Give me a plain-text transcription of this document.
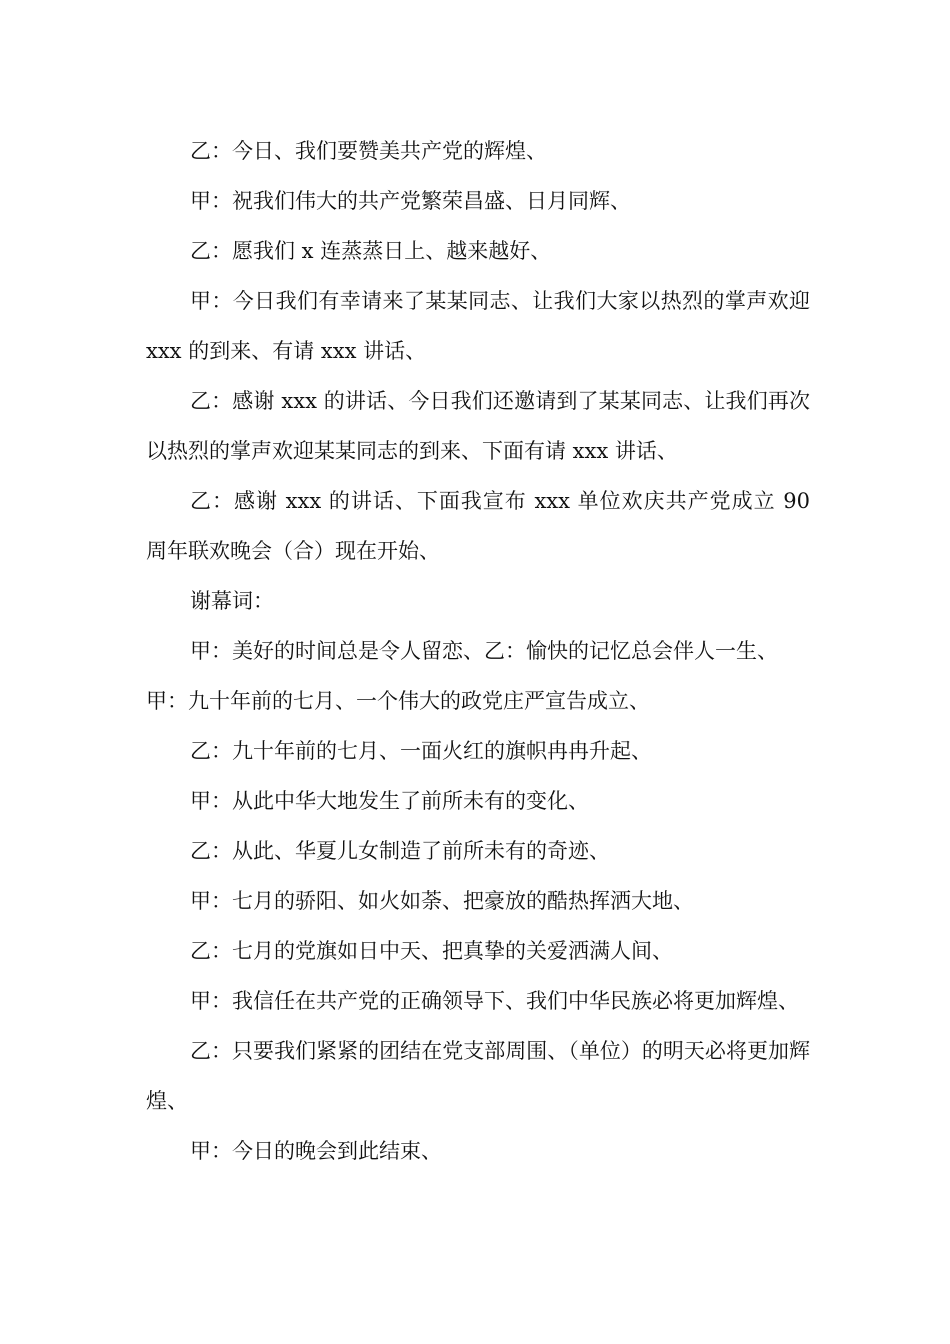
乙：今日、我们要赞美共产党的辉煌、

甲：祝我们伟大的共产党繁荣昌盛、日月同辉、

乙：愿我们 x 连蒸蒸日上、越来越好、

甲：今日我们有幸请来了某某同志、让我们大家以热烈的掌声欢迎 xxx 的到来、有请 xxx 讲话、

乙：感谢 xxx 的讲话、今日我们还邀请到了某某同志、让我们再次以热烈的掌声欢迎某某同志的到来、下面有请 xxx 讲话、

乙：感谢 xxx 的讲话、下面我宣布 xxx 单位欢庆共产党成立 90 周年联欢晚会（合）现在开始、

谢幕词：

甲：美好的时间总是令人留恋、乙：愉快的记忆总会伴人一生、

甲：九十年前的七月、一个伟大的政党庄严宣告成立、

乙：九十年前的七月、一面火红的旗帜冉冉升起、

甲：从此中华大地发生了前所未有的变化、

乙：从此、华夏儿女制造了前所未有的奇迹、

甲：七月的骄阳、如火如荼、把豪放的酷热挥洒大地、

乙：七月的党旗如日中天、把真挚的关爱洒满人间、

甲：我信任在共产党的正确领导下、我们中华民族必将更加辉煌、

乙：只要我们紧紧的团结在党支部周围、（单位）的明天必将更加辉煌、

甲：今日的晚会到此结束、
